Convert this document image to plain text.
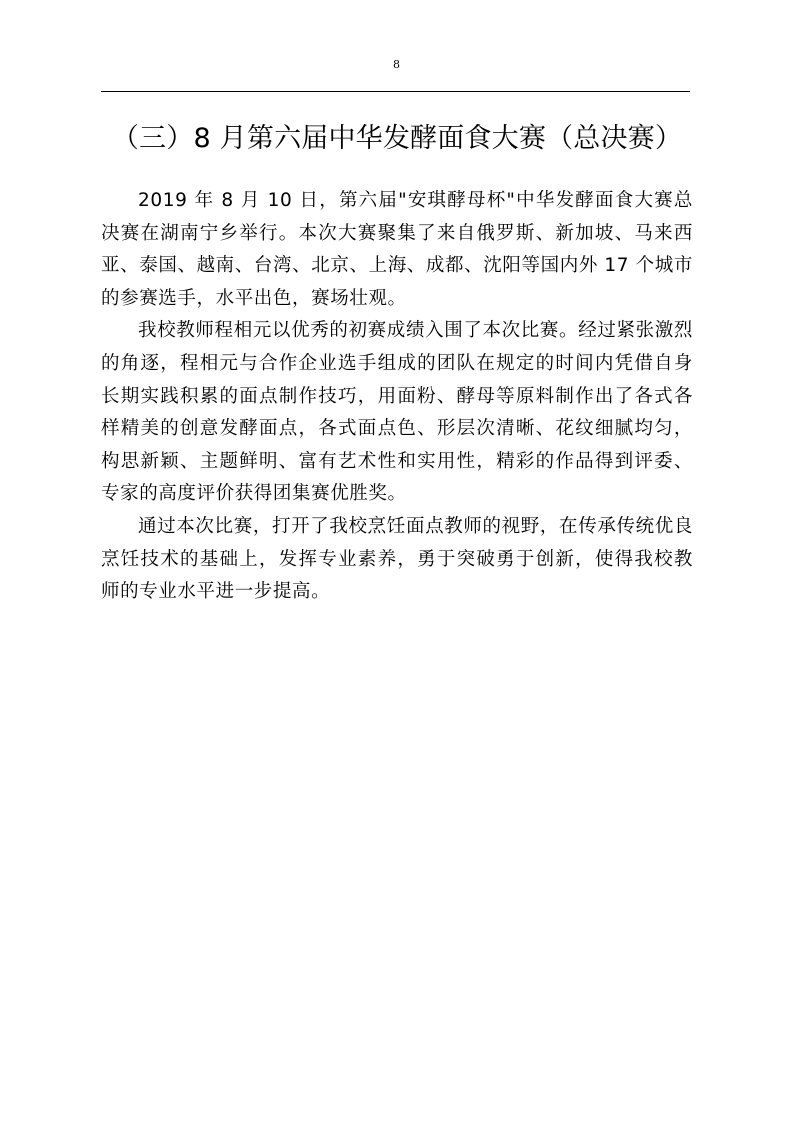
8
（三）8 月第六届中华发酵面食大赛（总决赛）

2019 年 8 月 10 日，第六届"安琪酵母杯"中华发酵面食大赛总决赛在湖南宁乡举行。本次大赛聚集了来自俄罗斯、新加坡、马来西亚、泰国、越南、台湾、北京、上海、成都、沈阳等国内外 17 个城市的参赛选手，水平出色，赛场壮观。

我校教师程相元以优秀的初赛成绩入围了本次比赛。经过紧张激烈的角逐，程相元与合作企业选手组成的团队在规定的时间内凭借自身长期实践积累的面点制作技巧，用面粉、酵母等原料制作出了各式各样精美的创意发酵面点，各式面点色、形层次清晰、花纹细腻均匀，构思新颖、主题鲜明、富有艺术性和实用性，精彩的作品得到评委、专家的高度评价获得团集赛优胜奖。

通过本次比赛，打开了我校烹饪面点教师的视野，在传承传统优良烹饪技术的基础上，发挥专业素养，勇于突破勇于创新，使得我校教师的专业水平进一步提高。
